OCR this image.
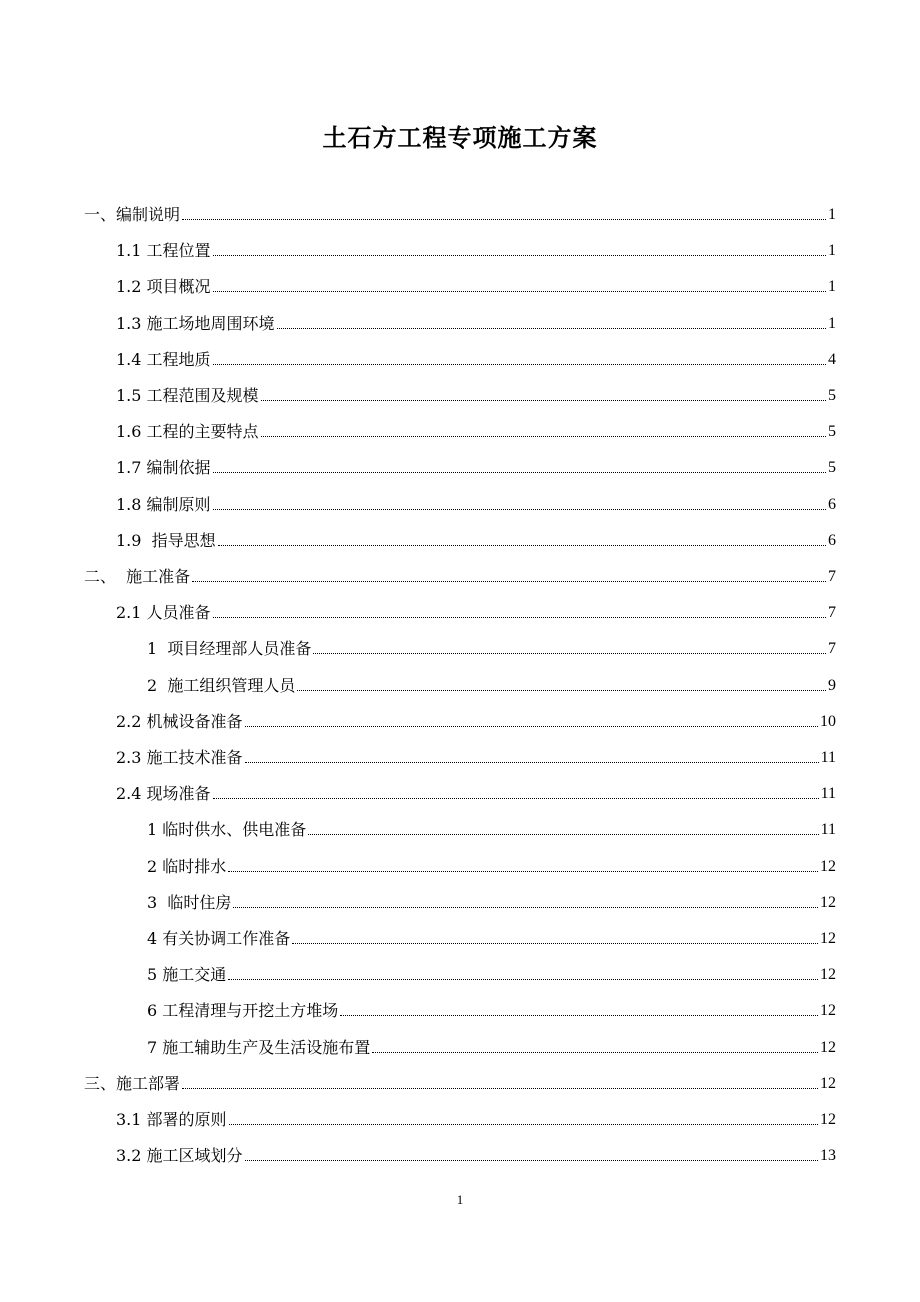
土石方工程专项施工方案
一、编制说明	1
1.1 工程位置	1
1.2 项目概况	1
1.3 施工场地周围环境	1
1.4 工程地质	4
1.5 工程范围及规模	5
1.6 工程的主要特点	5
1.7 编制依据	5
1.8 编制原则	6
1.9  指导思想	6
二、  施工准备	7
2.1 人员准备	7
1  项目经理部人员准备	7
2  施工组织管理人员	9
2.2 机械设备准备	10
2.3 施工技术准备	11
2.4 现场准备	11
1 临时供水、供电准备	11
2 临时排水	12
3  临时住房	12
4 有关协调工作准备	12
5 施工交通	12
6 工程清理与开挖土方堆场	12
7 施工辅助生产及生活设施布置	12
三、施工部署	12
3.1 部署的原则	12
3.2 施工区域划分	13
1
